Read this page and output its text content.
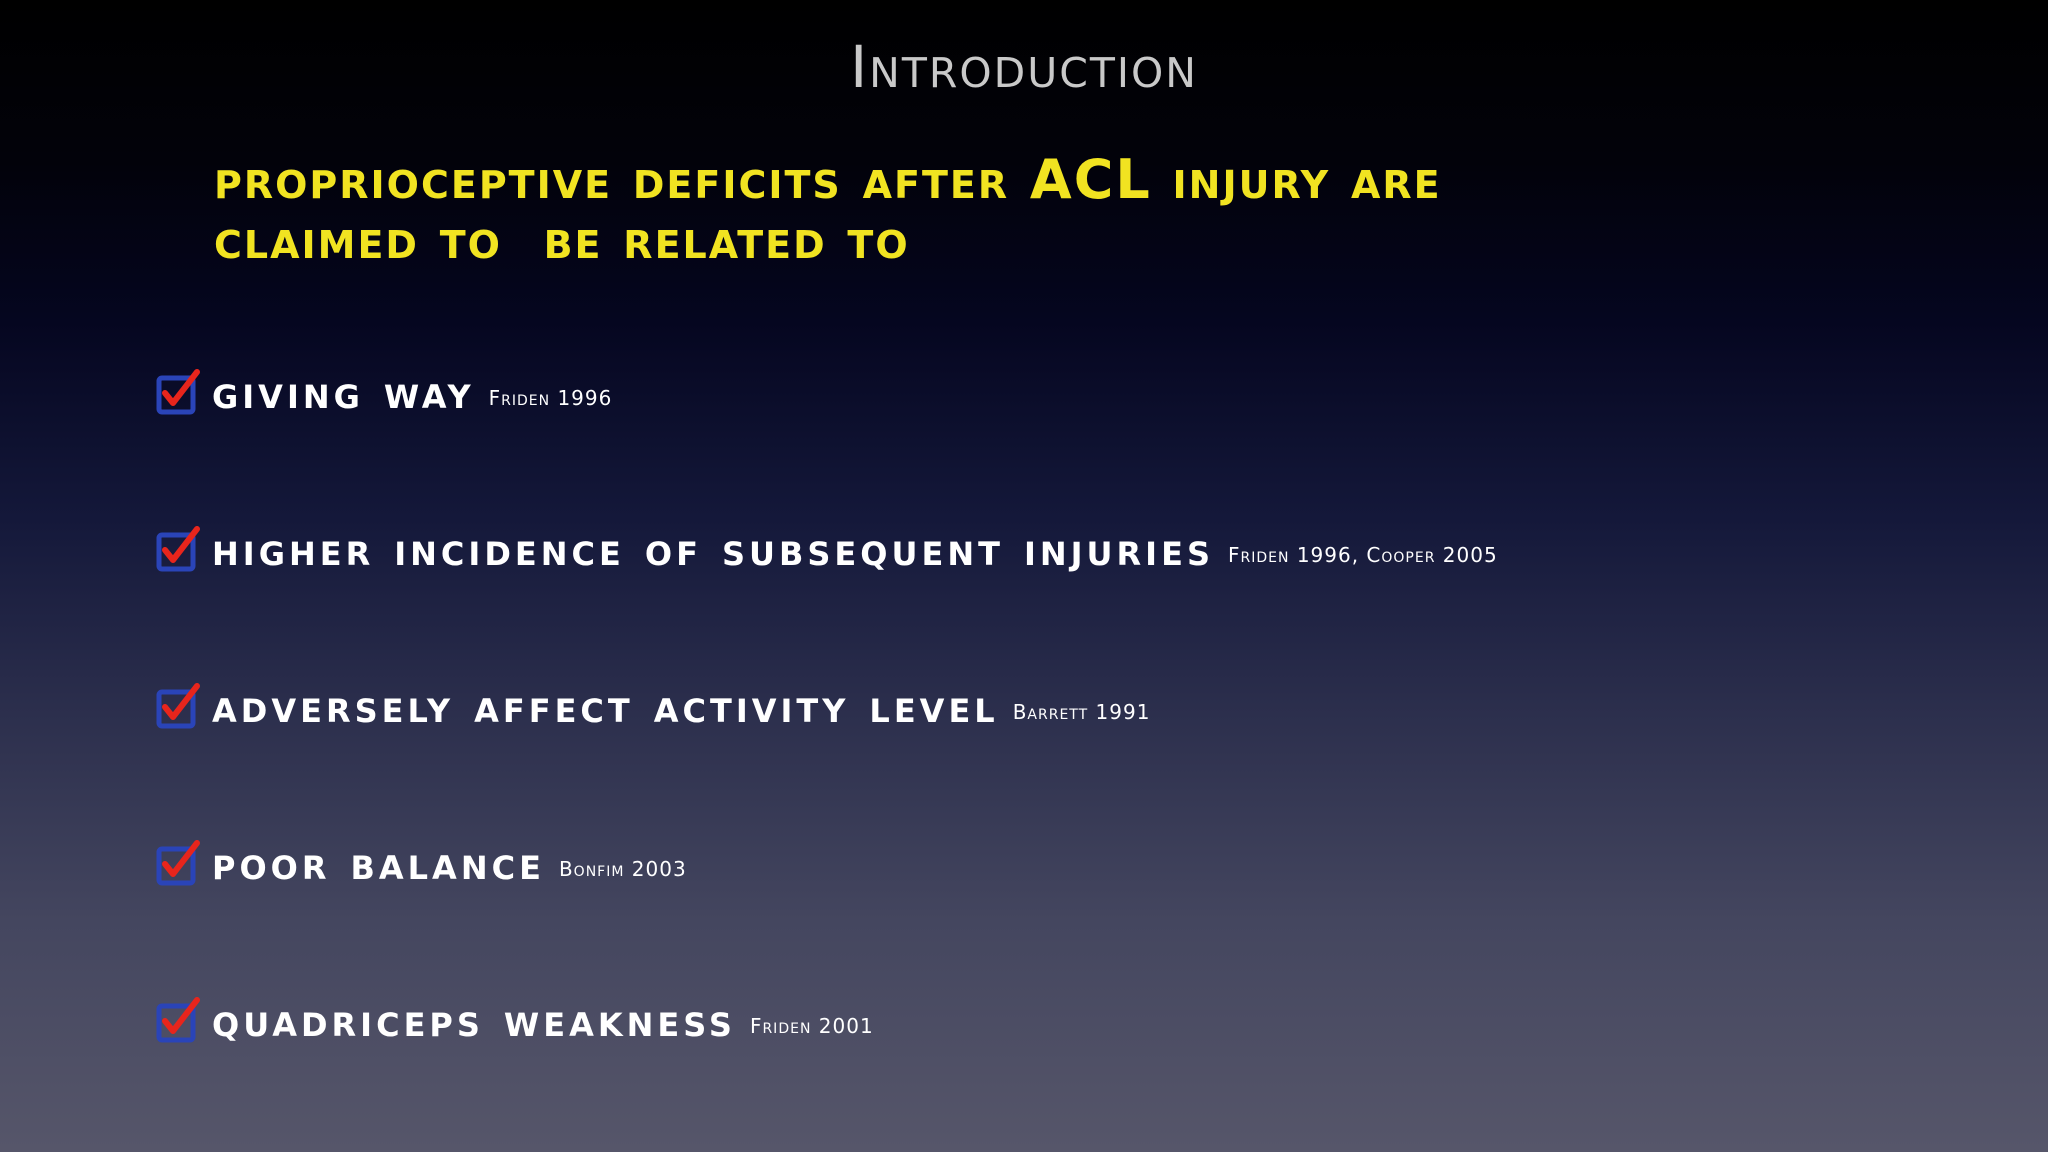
Introduction

proprioceptive deficits after ACL injury are
claimed to  be related to

giving way Friden 1996
higher incidence of subsequent injuries Friden 1996, Cooper 2005
adversely affect activity level Barrett 1991
poor balance Bonfim 2003
quadriceps weakness Friden 2001
